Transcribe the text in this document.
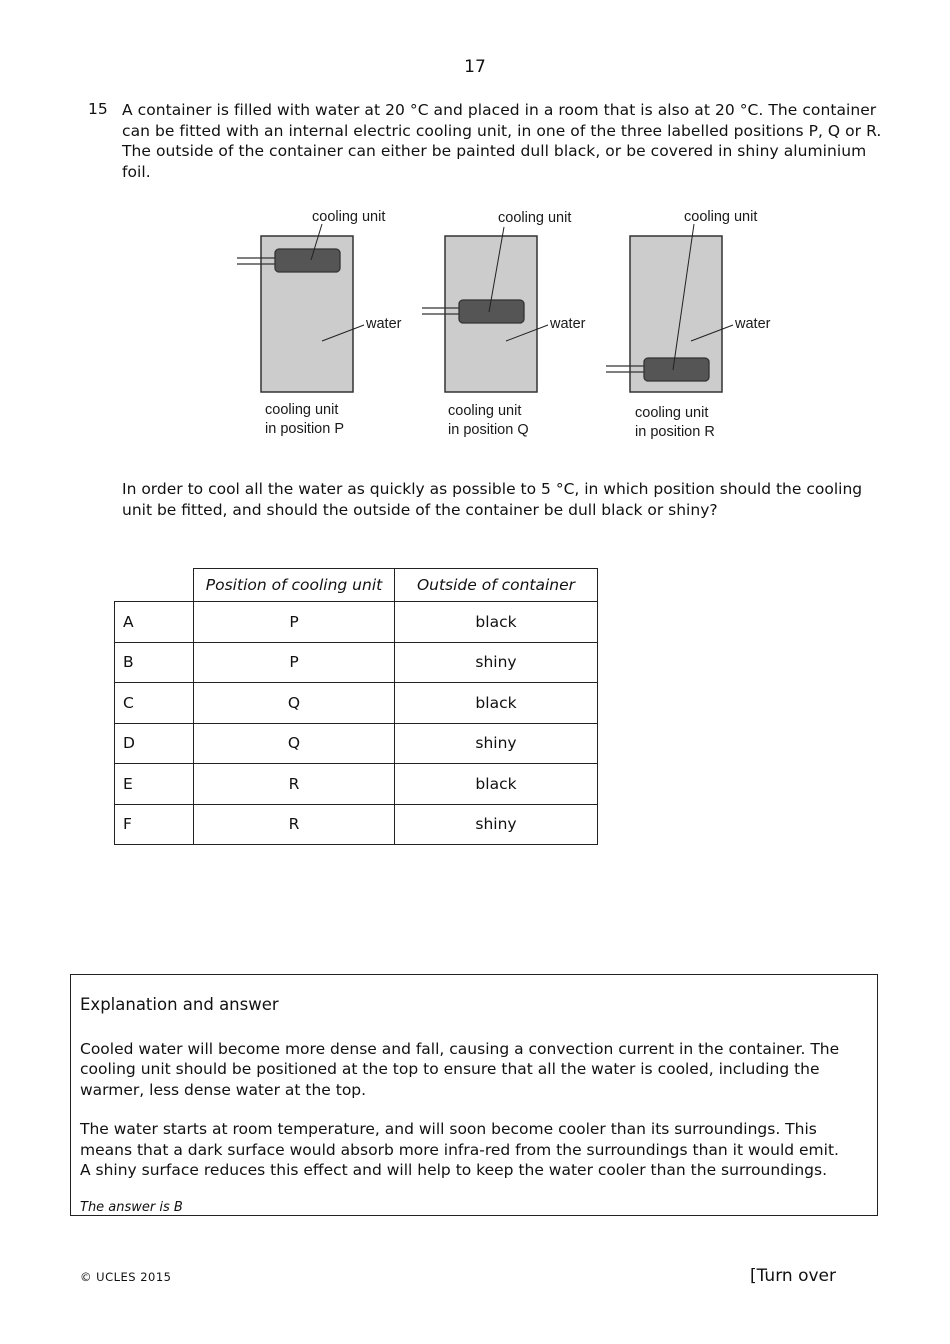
17
15 A container is filled with water at 20 °C and placed in a room that is also at 20 °C. The container can be fitted with an internal electric cooling unit, in one of the three labelled positions P, Q or R. The outside of the container can either be painted dull black, or be covered in shiny aluminium foil.
cooling unit
water
cooling unit
in position P
cooling unit
water
cooling unit
in position Q
cooling unit
water
cooling unit
in position R
In order to cool all the water as quickly as possible to 5 °C, in which position should the cooling unit be fitted, and should the outside of the container be dull black or shiny?
	Position of cooling unit	Outside of container
A	P	black
B	P	shiny
C	Q	black
D	Q	shiny
E	R	black
F	R	shiny
Explanation and answer

Cooled water will become more dense and fall, causing a convection current in the container. The cooling unit should be positioned at the top to ensure that all the water is cooled, including the warmer, less dense water at the top.

The water starts at room temperature, and will soon become cooler than its surroundings. This means that a dark surface would absorb more infra-red from the surroundings than it would emit.
A shiny surface reduces this effect and will help to keep the water cooler than the surroundings.

The answer is B
© UCLES 2015	[Turn over
